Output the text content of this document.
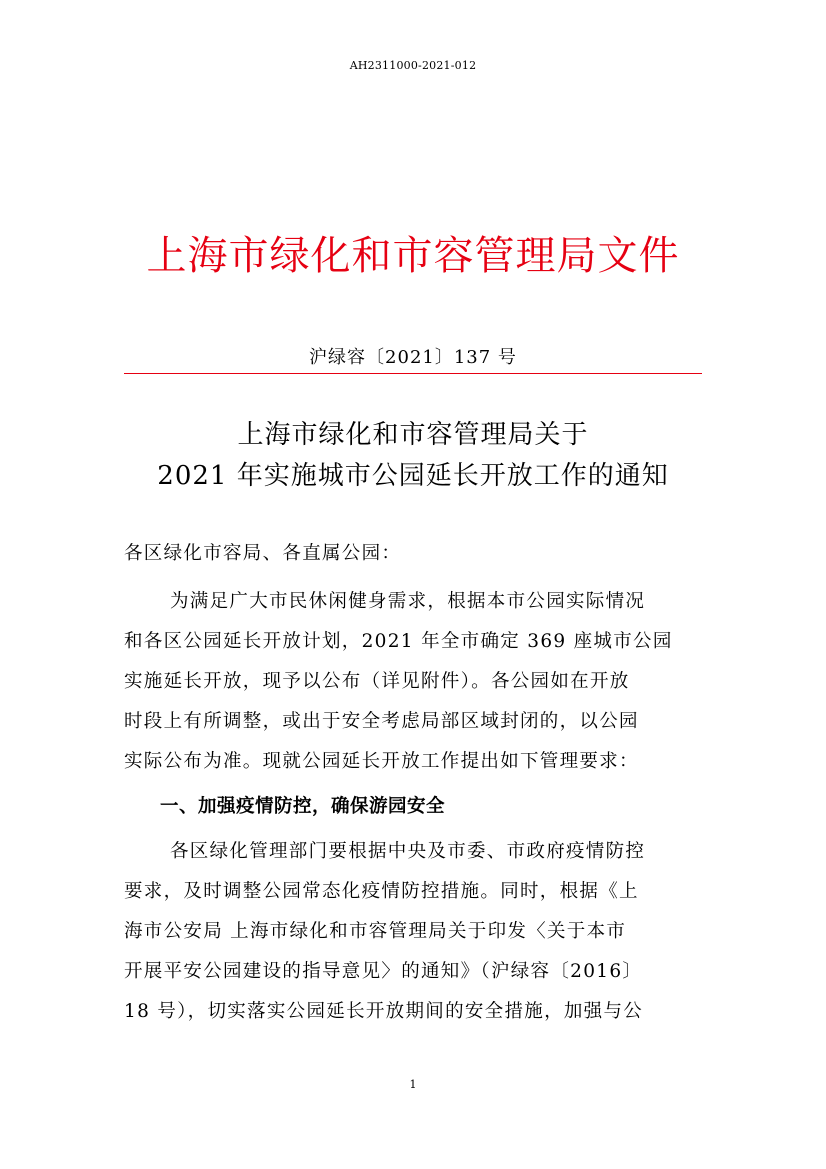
AH2311000-2021-012
上海市绿化和市容管理局文件
沪绿容〔2021〕137 号
上海市绿化和市容管理局关于
2021 年实施城市公园延长开放工作的通知
各区绿化市容局、各直属公园：
为满足广大市民休闲健身需求，根据本市公园实际情况
和各区公园延长开放计划，2021 年全市确定 369 座城市公园
实施延长开放，现予以公布（详见附件）。各公园如在开放
时段上有所调整，或出于安全考虑局部区域封闭的，以公园
实际公布为准。现就公园延长开放工作提出如下管理要求：
一、加强疫情防控，确保游园安全
各区绿化管理部门要根据中央及市委、市政府疫情防控
要求，及时调整公园常态化疫情防控措施。同时，根据《上
海市公安局 上海市绿化和市容管理局关于印发〈关于本市
开展平安公园建设的指导意见〉的通知》（沪绿容〔2016〕
18 号），切实落实公园延长开放期间的安全措施，加强与公
1
